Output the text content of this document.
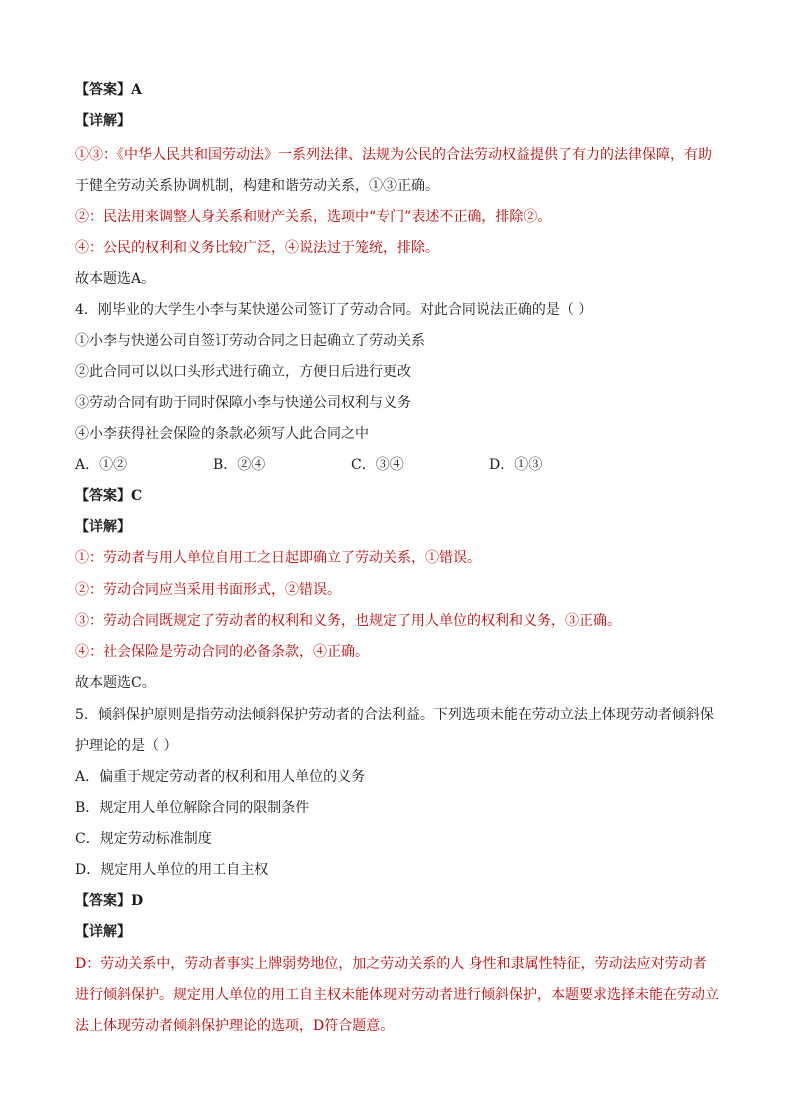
【答案】A
【详解】
①③：《中华人民共和国劳动法》一系列法律、法规为公民的合法劳动权益提供了有力的法律保障，有助
于健全劳动关系协调机制，构建和谐劳动关系，①③正确。
②：民法用来调整人身关系和财产关系，选项中“专门”表述不正确，排除②。
④：公民的权利和义务比较广泛，④说法过于笼统，排除。
故本题选A。
4．刚毕业的大学生小李与某快递公司签订了劳动合同。对此合同说法正确的是（ ）
①小李与快递公司自签订劳动合同之日起确立了劳动关系
②此合同可以以口头形式进行确立，方便日后进行更改
③劳动合同有助于同时保障小李与快递公司权利与义务
④小李获得社会保险的条款必须写人此合同之中
A．①②	B．②④	C．③④	D．①③
【答案】C
【详解】
①：劳动者与用人单位自用工之日起即确立了劳动关系，①错误。
②：劳动合同应当采用书面形式，②错误。
③：劳动合同既规定了劳动者的权利和义务，也规定了用人单位的权利和义务，③正确。
④：社会保险是劳动合同的必备条款，④正确。
故本题选C。
5．倾斜保护原则是指劳动法倾斜保护劳动者的合法利益。下列选项未能在劳动立法上体现劳动者倾斜保
护理论的是（ ）
A．偏重于规定劳动者的权利和用人单位的义务
B．规定用人单位解除合同的限制条件
C．规定劳动标准制度
D．规定用人单位的用工自主权
【答案】D
【详解】
D：劳动关系中，劳动者事实上牌弱势地位，加之劳动关系的人 身性和隶属性特征，劳动法应对劳动者
进行倾斜保护。规定用人单位的用工自主权未能体现对劳动者进行倾斜保护，本题要求选择未能在劳动立
法上体现劳动者倾斜保护理论的选项，D符合题意。
